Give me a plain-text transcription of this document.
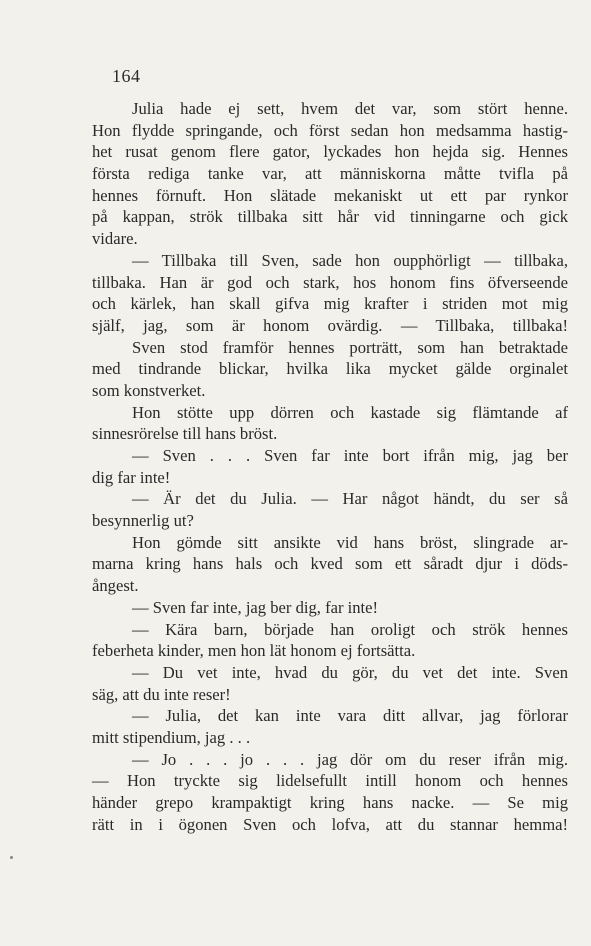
164
Julia hade ej sett, hvem det var, som stört henne.
Hon flydde springande, och först sedan hon medsamma hastig-
het rusat genom flere gator, lyckades hon hejda sig. Hennes
första rediga tanke var, att människorna måtte tvifla på
hennes förnuft. Hon slätade mekaniskt ut ett par rynkor
på kappan, strök tillbaka sitt hår vid tinningarne och gick
vidare.
— Tillbaka till Sven, sade hon oupphörligt — tillbaka,
tillbaka. Han är god och stark, hos honom fins öfverseende
och kärlek, han skall gifva mig krafter i striden mot mig
själf, jag, som är honom ovärdig. — Tillbaka, tillbaka!
Sven stod framför hennes porträtt, som han betraktade
med tindrande blickar, hvilka lika mycket gälde orginalet
som konstverket.
Hon stötte upp dörren och kastade sig flämtande af
sinnesrörelse till hans bröst.
— Sven . . . Sven far inte bort ifrån mig, jag ber
dig far inte!
— Är det du Julia. — Har något händt, du ser så
besynnerlig ut?
Hon gömde sitt ansikte vid hans bröst, slingrade ar-
marna kring hans hals och kved som ett såradt djur i döds-
ångest.
— Sven far inte, jag ber dig, far inte!
— Kära barn, började han oroligt och strök hennes
feberheta kinder, men hon lät honom ej fortsätta.
— Du vet inte, hvad du gör, du vet det inte. Sven
säg, att du inte reser!
— Julia, det kan inte vara ditt allvar, jag förlorar
mitt stipendium, jag . . .
— Jo . . . jo . . . jag dör om du reser ifrån mig.
— Hon tryckte sig lidelsefullt intill honom och hennes
händer grepo krampaktigt kring hans nacke. — Se mig
rätt in i ögonen Sven och lofva, att du stannar hemma!
